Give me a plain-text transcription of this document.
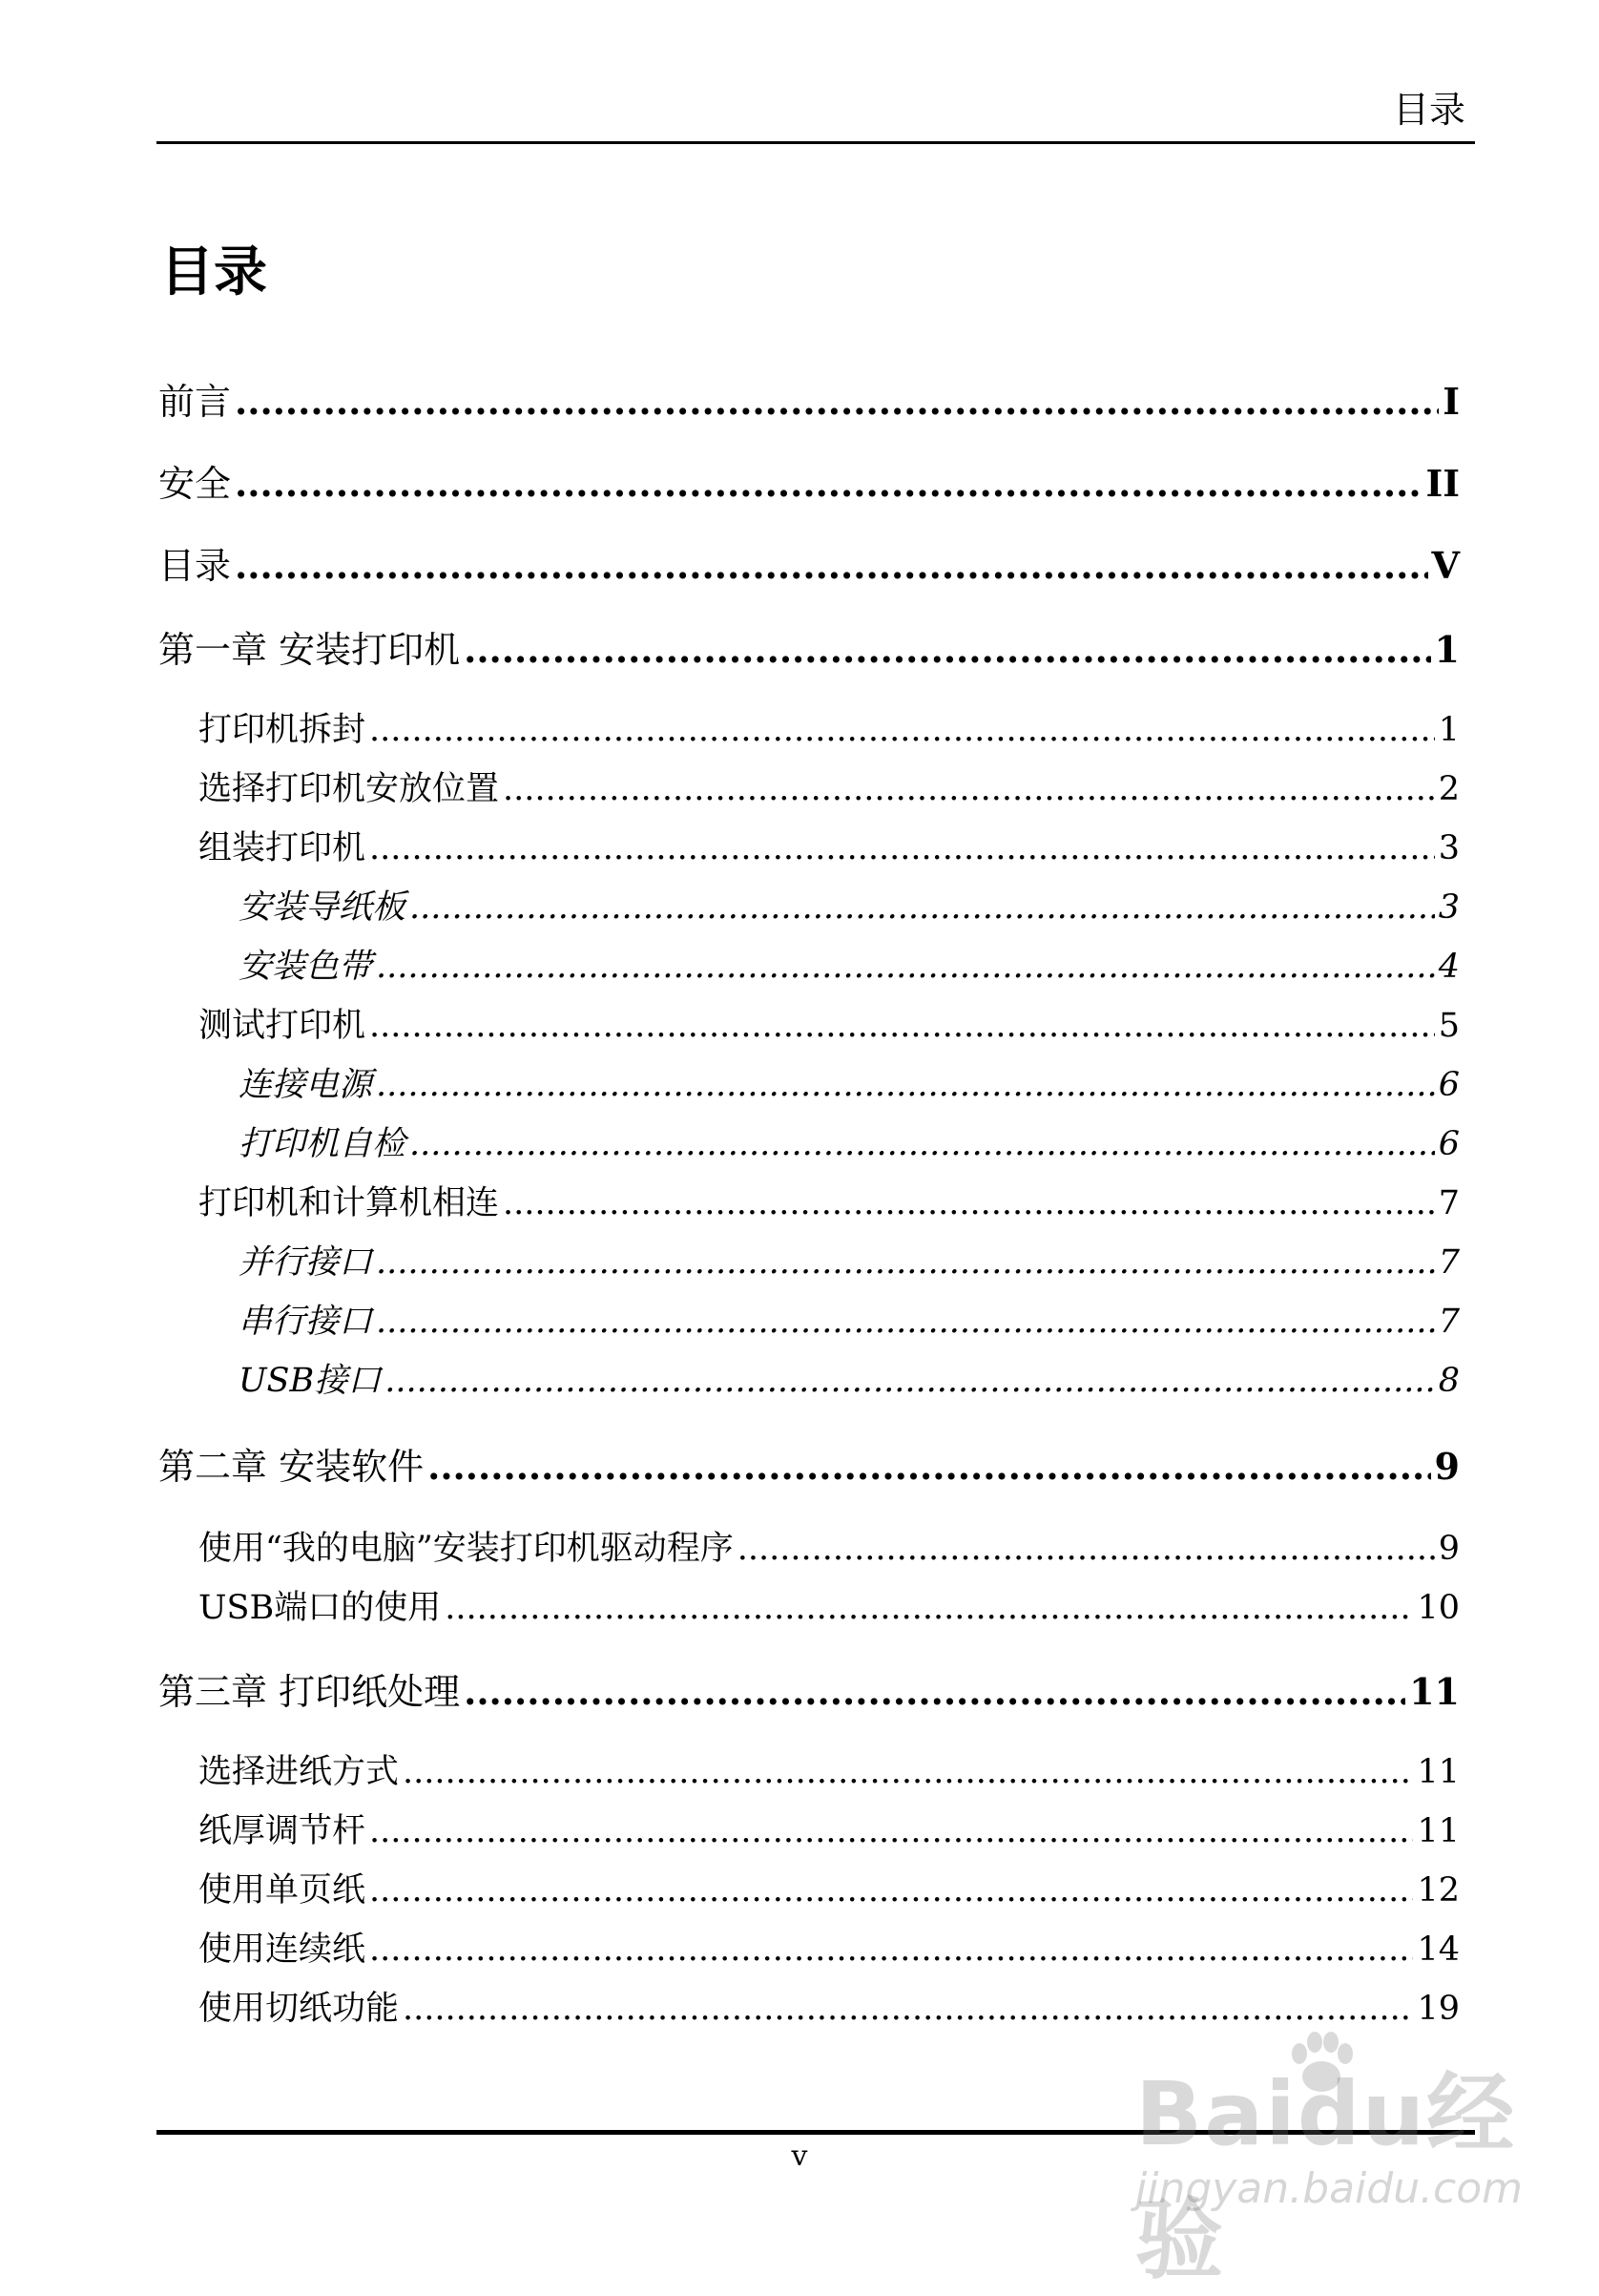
目录
目录
前言 .....	I
安全 .....	II
目录 .....	V
第一章 安装打印机 .....	1
打印机拆封 .....	1
选择打印机安放位置 .....	2
组装打印机 .....	3
安装导纸板 .....	3
安装色带 .....	4
测试打印机 .....	5
连接电源 .....	6
打印机自检 .....	6
打印机和计算机相连 .....	7
并行接口 .....	7
串行接口 .....	7
USB接口 .....	8
第二章 安装软件 .....	9
使用“我的电脑”安装打印机驱动程序 .....	9
USB端口的使用 .....	10
第三章 打印纸处理 .....	11
选择进纸方式 .....	11
纸厚调节杆 .....	11
使用单页纸 .....	12
使用连续纸 .....	14
使用切纸功能 .....	19
v	Baidu经验
jingyan.baidu.com
